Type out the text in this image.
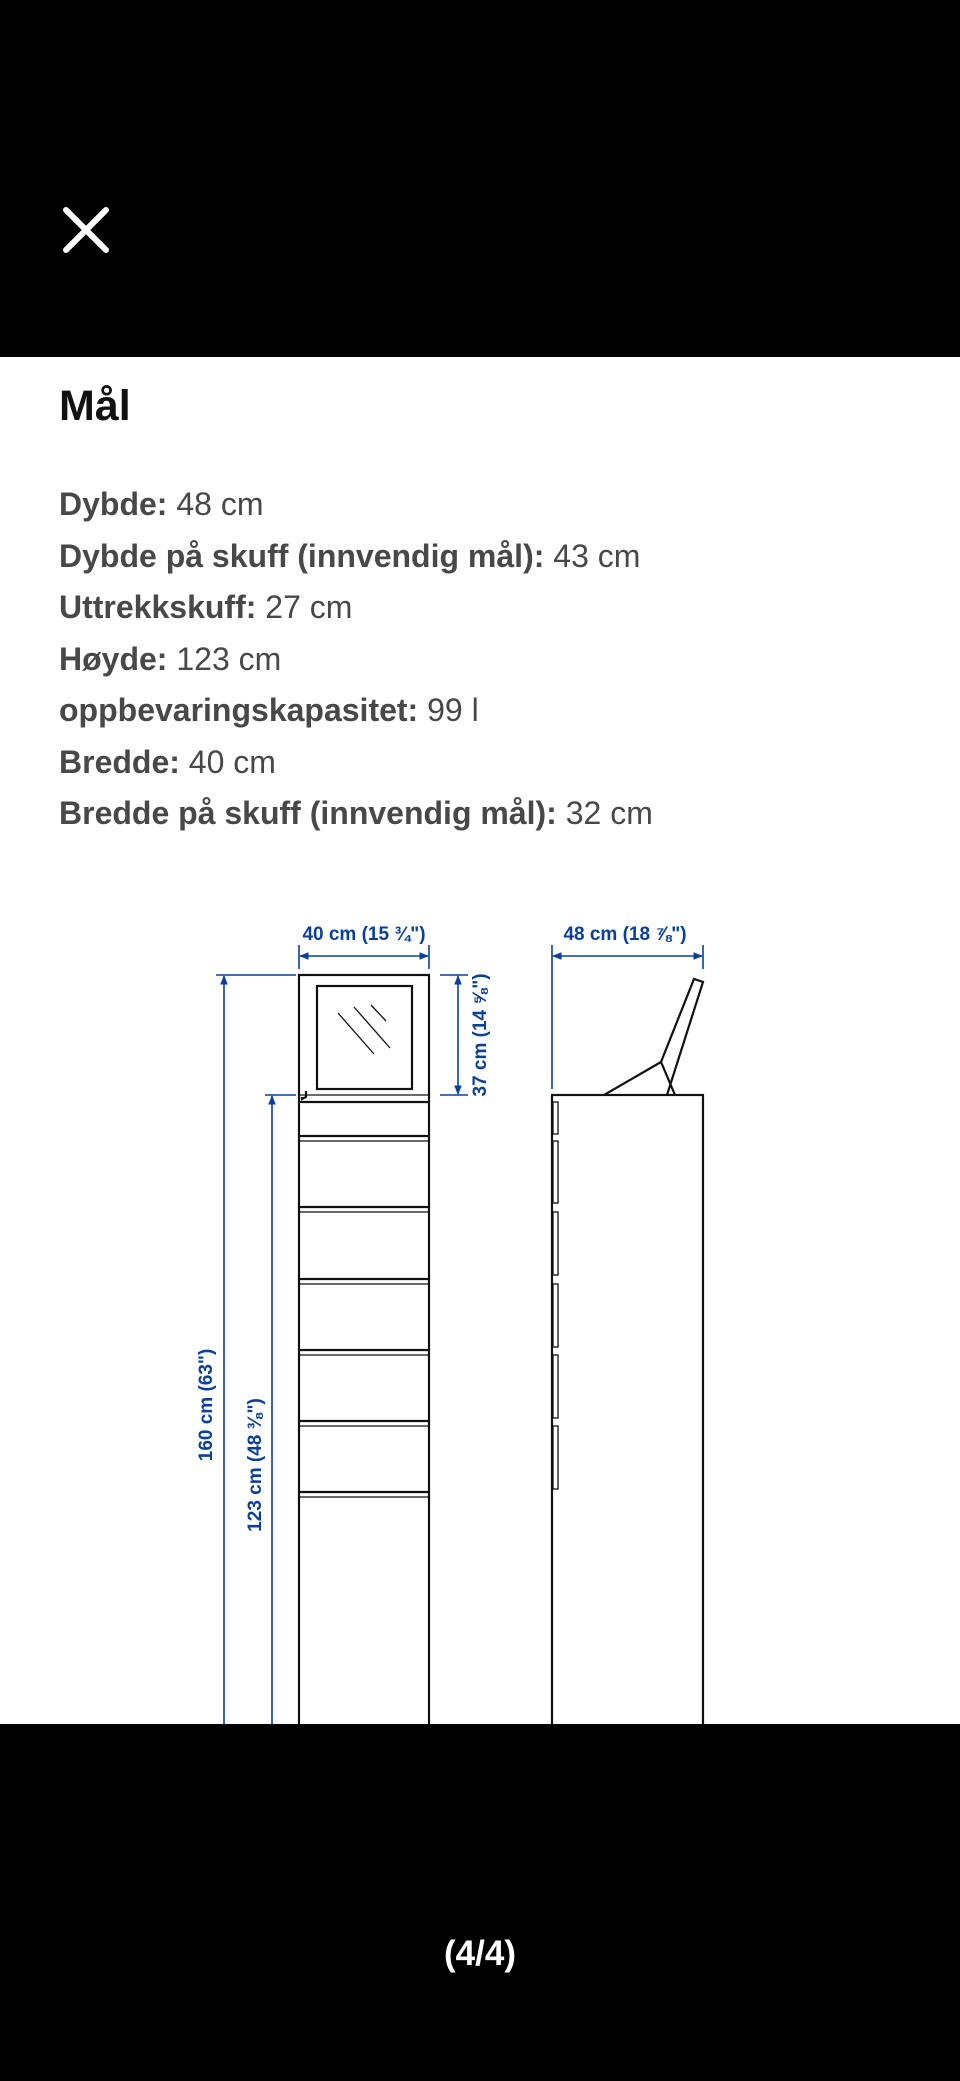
Mål
Dybde: 48 cm
Dybde på skuff (innvendig mål): 43 cm
Uttrekkskuff: 27 cm
Høyde: 123 cm
oppbevaringskapasitet: 99 l
Bredde: 40 cm
Bredde på skuff (innvendig mål): 32 cm
40 cm (15 ¾")
37 cm (14 ⅝")
160 cm (63") 123 cm (48 ⅜")
48 cm (18 ⅞")
(4/4)
